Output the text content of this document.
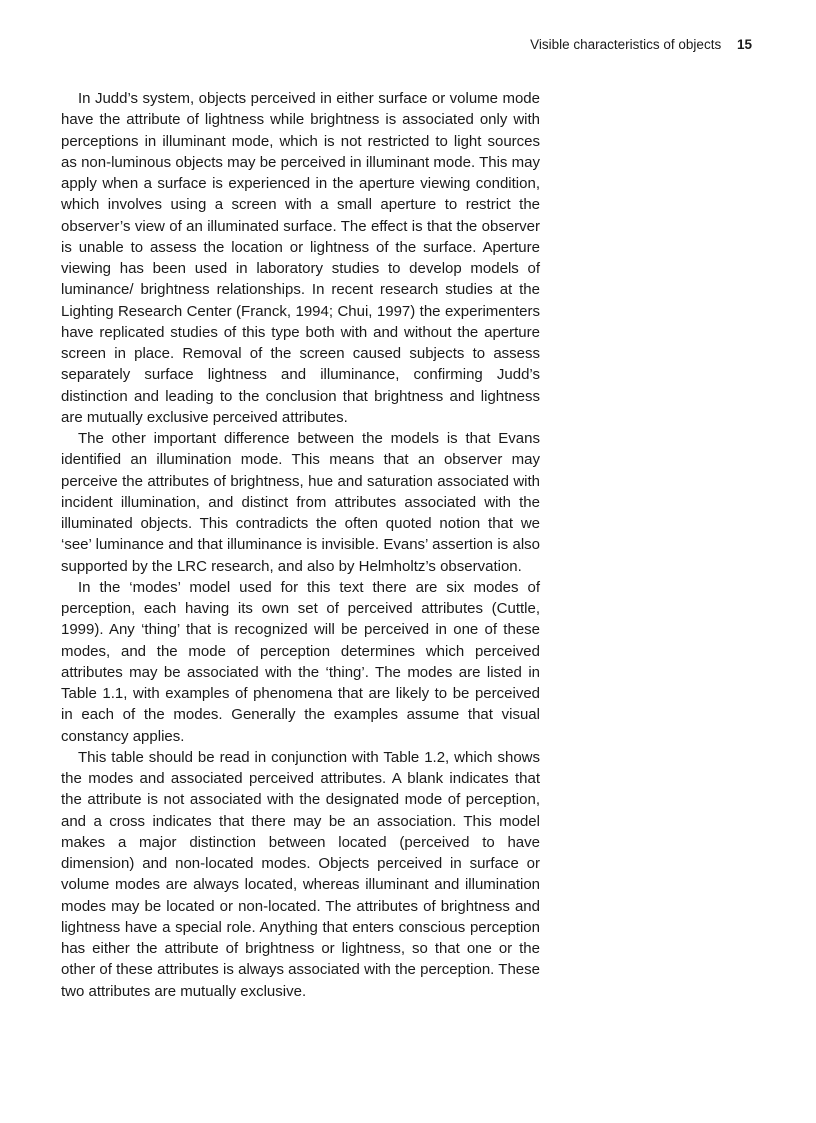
Visible characteristics of objects 15

In Judd’s system, objects perceived in either surface or volume mode have the attribute of lightness while brightness is associated only with perceptions in illuminant mode, which is not restricted to light sources as non-luminous objects may be perceived in illuminant mode. This may apply when a surface is experienced in the aperture viewing condition, which involves using a screen with a small aperture to restrict the observer’s view of an illuminated surface. The effect is that the observer is unable to assess the location or lightness of the surface. Aperture viewing has been used in laboratory studies to develop models of luminance/ brightness relationships. In recent research studies at the Lighting Research Center (Franck, 1994; Chui, 1997) the experimenters have replicated studies of this type both with and without the aperture screen in place. Removal of the screen caused subjects to assess separately surface lightness and illuminance, confirming Judd’s distinction and leading to the conclusion that brightness and lightness are mutually exclusive perceived attributes.

The other important difference between the models is that Evans identified an illumination mode. This means that an observer may perceive the attributes of brightness, hue and saturation associated with incident illumination, and distinct from attributes associated with the illuminated objects. This contradicts the often quoted notion that we ‘see’ luminance and that illuminance is invisible. Evans’ assertion is also supported by the LRC research, and also by Helmholtz’s observation.

In the ‘modes’ model used for this text there are six modes of perception, each having its own set of perceived attributes (Cuttle, 1999). Any ‘thing’ that is recognized will be perceived in one of these modes, and the mode of perception determines which perceived attributes may be associated with the ‘thing’. The modes are listed in Table 1.1, with examples of phenomena that are likely to be perceived in each of the modes. Generally the examples assume that visual constancy applies.

This table should be read in conjunction with Table 1.2, which shows the modes and associated perceived attributes. A blank indicates that the attribute is not associated with the designated mode of perception, and a cross indicates that there may be an association. This model makes a major distinction between located (perceived to have dimension) and non-located modes. Objects perceived in surface or volume modes are always located, whereas illuminant and illumination modes may be located or non-located. The attributes of brightness and lightness have a special role. Anything that enters conscious perception has either the attribute of brightness or lightness, so that one or the other of these attributes is always associated with the perception. These two attributes are mutually exclusive.
